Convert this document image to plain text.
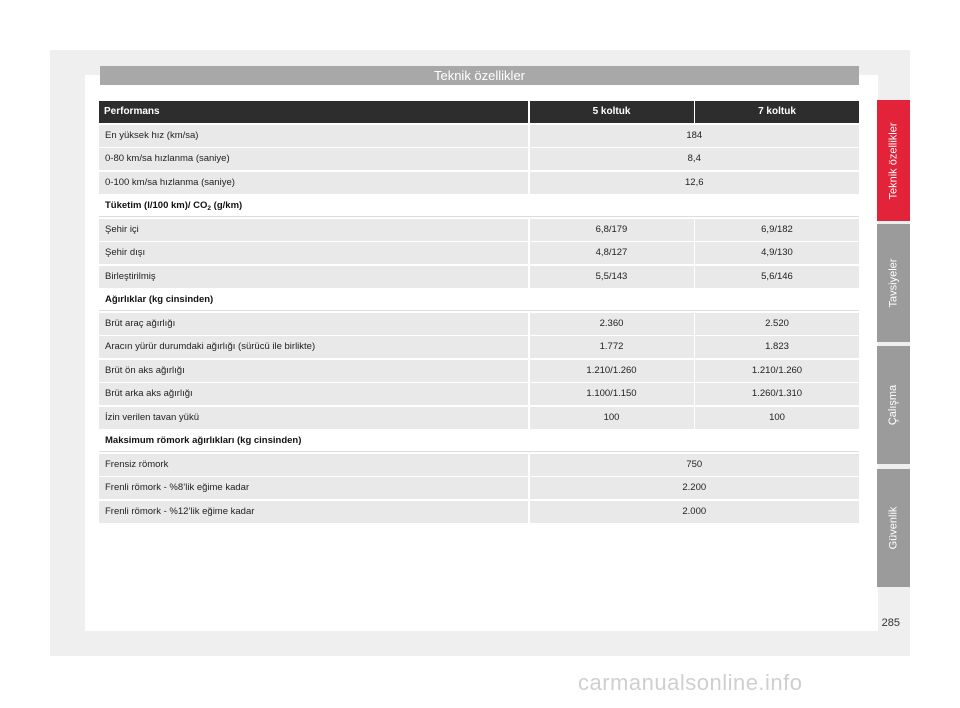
Teknik özellikler
Performans	5 koltuk	7 koltuk
En yüksek hız (km/sa)	184
0-80 km/sa hızlanma (saniye)	8,4
0-100 km/sa hızlanma (saniye)	12,6
Tüketim (l/100 km)/ $CO_2$ (g/km)
Şehir içi	6,8/179	6,9/182
Şehir dışı	4,8/127	4,9/130
Birleştirilmiş	5,5/143	5,6/146
Ağırlıklar (kg cinsinden)
Brüt araç ağırlığı	2.360	2.520
Aracın yürür durumdaki ağırlığı (sürücü ile birlikte)	1.772	1.823
Brüt ön aks ağırlığı	1.210/1.260	1.210/1.260
Brüt arka aks ağırlığı	1.100/1.150	1.260/1.310
İzin verilen tavan yükü	100	100
Maksimum römork ağırlıkları (kg cinsinden)
Frensiz römork	750
Frenli römork - %8’lik eğime kadar	2.200
Frenli römork - %12’lik eğime kadar	2.000
Teknik özellikler
Tavsiyeler
Çalışma
Güvenlik
285
carmanualsonline.info
